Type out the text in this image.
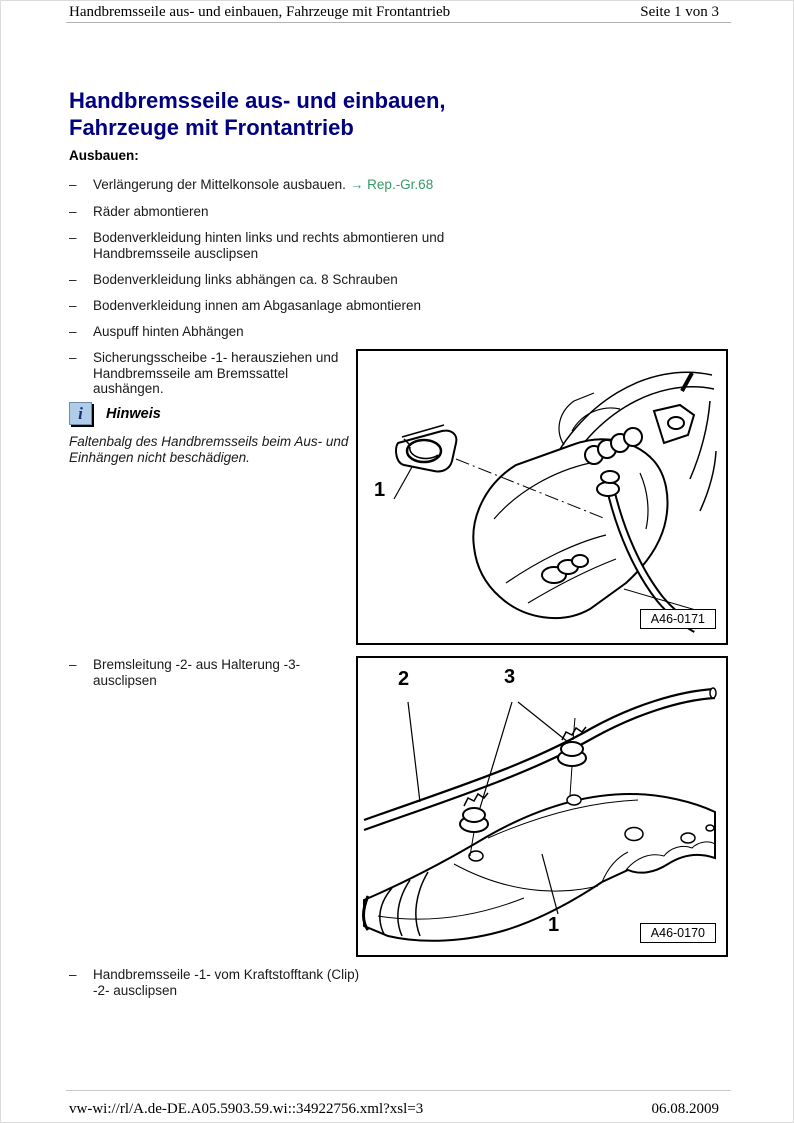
Handbremsseile aus- und einbauen, Fahrzeuge mit Frontantrieb	Seite 1 von 3
Handbremsseile aus- und einbauen,
Fahrzeuge mit Frontantrieb
Ausbauen:
– Verlängerung der Mittelkonsole ausbauen. → Rep.-Gr.68
– Räder abmontieren
– Bodenverkleidung hinten links und rechts abmontieren und Handbremsseile ausclipsen
– Bodenverkleidung links abhängen ca. 8 Schrauben
– Bodenverkleidung innen am Abgasanlage abmontieren
– Auspuff hinten Abhängen
– Sicherungsscheibe -1- herausziehen und Handbremsseile am Bremssattel aushängen.
i	Hinweis
Faltenbalg des Handbremsseils beim Aus- und Einhängen nicht beschädigen.
– Bremsleitung -2- aus Halterung -3- ausclipsen
– Handbremsseile -1- vom Kraftstofftank (Clip) -2- ausclipsen
1
A46-0171
2	3
1	A46-0170
vw-wi://rl/A.de-DE.A05.5903.59.wi::34922756.xml?xsl=3	06.08.2009
